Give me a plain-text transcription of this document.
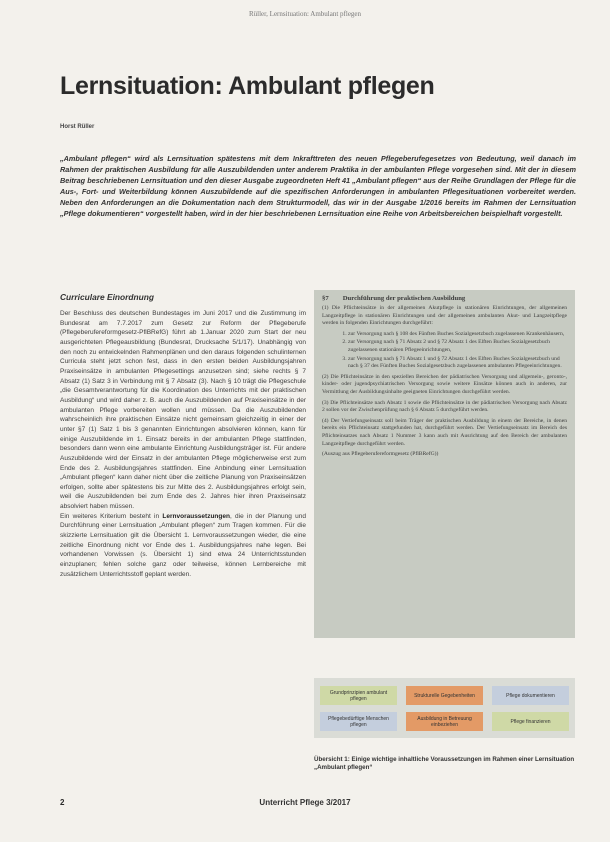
Rüller, Lernsituation: Ambulant pflegen
Lernsituation: Ambulant pflegen
Horst Rüller

„Ambulant pflegen“ wird als Lernsituation spätestens mit dem Inkrafttreten des neuen Pflegeberufegesetzes von Bedeutung, weil danach im Rahmen der praktischen Ausbildung für alle Auszubildenden unter anderem Praktika in der ambulanten Pflege vorgesehen sind. Mit der in diesem Beitrag beschriebenen Lernsituation und den dieser Ausgabe zugeordneten Heft 41 „Ambulant pflegen“ aus der Reihe Grundlagen der Pflege für die Aus-, Fort- und Weiterbildung können Auszubildende auf die spezifischen Anforderungen in ambulanten Pflegesituationen vorbereitet werden. Neben den Anforderungen an die Dokumentation nach dem Strukturmodell, das wir in der Ausgabe 1/2016 bereits im Rahmen der Lernsituation „Pflege dokumentieren“ vorgestellt haben, wird in der hier beschriebenen Lernsituation eine Reihe von Arbeitsbereichen beispielhaft vorgestellt.

Curriculare Einordnung

Der Beschluss des deutschen Bundestages im Juni 2017 und die Zustimmung im Bundesrat am 7.7.2017 zum Gesetz zur Reform der Pflegeberufe (Pflegeberufereformgesetz-PflBRefG) führt ab 1.Januar 2020 zum Start der neu ausgerichteten Pflegeausbildung (Bundesrat, Drucksache 5/1/17). Unabhängig von den noch zu entwickelnden Rahmenplänen und den daraus folgenden schulinternen Curricula steht jetzt schon fest, dass in den ersten beiden Ausbildungsjahren Praxiseinsätze in ambulanten Pflegesettings anzusetzen sind; siehe rechts § 7 Absatz (1) Satz 3 in Verbindung mit § 7 Absatz (3). Nach § 10 trägt die Pflegeschule „die Gesamtverantwortung für die Koordination des Unterrichts mit der praktischen Ausbildung“ und wird daher z. B. auch die Auszubildenden auf Praxiseinsätze in der ambulanten Pflege vorbereiten wollen und müssen. Da die Auszubildenden wahrscheinlich ihre praktischen Einsätze nicht gemeinsam gleichzeitig in einer der unter §7 (1) Satz 1 bis 3 genannten Einrichtungen absolvieren können, kann für einige Auszubildende im 1. Einsatz bereits in der ambulanten Pflege stattfinden, besonders dann wenn eine ambulante Einrichtung Ausbildungsträger ist. Für andere Auszubildende wird der Einsatz in der ambulanten Pflege möglicherweise erst zum Ende des 2. Ausbildungsjahres stattfinden. Eine Anbindung einer Lernsituation „Ambulant pflegen“ kann daher nicht über die zeitliche Planung von Praxiseinsätzen erfolgen, sollte aber spätestens bis zur Mitte des 2. Ausbildungsjahres erfolgt sein, weil die Auszubildenden bei zum Ende des 2. Jahres hier ihren Praxiseinsatz absolviert haben müssen.

Ein weiteres Kriterium besteht in Lernvoraussetzungen, die in der Planung und Durchführung einer Lernsituation „Ambulant pflegen“ zum Tragen kommen. Für die skizzierte Lernsituation gilt die Übersicht 1. Lernvoraussetzungen wieder, die eine zeitliche Einordnung nicht vor Ende des 1. Ausbildungsjahres nahe legen. Bei vorhandenen Vorwissen (s. Übersicht 1) sind etwa 24 Unterrichtsstunden einzuplanen; fehlen solche ganz oder teilweise, können Lernbereiche mit zusätzlichem Unterrichtsstoff geplant werden.

§7 Durchführung der praktischen Ausbildung

(1) Die Pflichteinsätze in der allgemeinen Akutpflege in stationären Einrichtungen, der allgemeinen Langzeitpflege in stationären Einrichtungen und der allgemeinen ambulanten Akut- und Langzeitpflege werden in folgenden Einrichtungen durchgeführt:

1. zur Versorgung nach § 108 des Fünften Buches Sozialgesetzbuch zugelassenen Krankenhäusern,
2. zur Versorgung nach § 71 Absatz 2 und § 72 Absatz 1 des Elften Buches Sozialgesetzbuch zugelassenen stationären Pflegeeinrichtungen,
3. zur Versorgung nach § 71 Absatz 1 und § 72 Absatz 1 des Elften Buches Sozialgesetzbuch und nach § 37 des Fünften Buches Sozialgesetzbuch zugelassenen ambulanten Pflegeeinrichtungen.

(2) Die Pflichteinsätze in den speziellen Bereichen der pädiatrischen Versorgung und allgemein-, geronto-, kinder- oder jugendpsychiatrischen Versorgung sowie weitere Einsätze können auch in anderen, zur Vermittlung der Ausbildungsinhalte geeigneten Einrichtungen durchgeführt werden.

(3) Die Pflichteinsätze nach Absatz 1 sowie die Pflichteinsätze in der pädiatrischen Versorgung nach Absatz 2 sollen vor der Zwischenprüfung nach § 6 Absatz 5 durchgeführt werden.

(4) Der Vertiefungseinsatz soll beim Träger der praktischen Ausbildung in einem der Bereiche, in denen bereits ein Pflichteinsatz stattgefunden hat, durchgeführt werden. Der Vertiefungseinsatz im Bereich des Pflichteinsatzes nach Absatz 1 Nummer 3 kann auch mit Ausrichtung auf den Bereich der ambulanten Langzeitpflege durchgeführt werden.

(Auszug aus Pflegeberufereformgesetz (PflBRefG))

Grundprinzipien ambulant pflegen	Strukturelle Gegebenheiten	Pflege dokumentieren
Pflegebedürftige Menschen pflegen
Ausbildung in Betreuung einbeziehen	Pflege finanzieren
Übersicht 1: Einige wichtige inhaltliche Voraussetzungen im Rahmen einer Lernsituation „Ambulant pflegen“
Unterricht Pflege 3/2017
2
